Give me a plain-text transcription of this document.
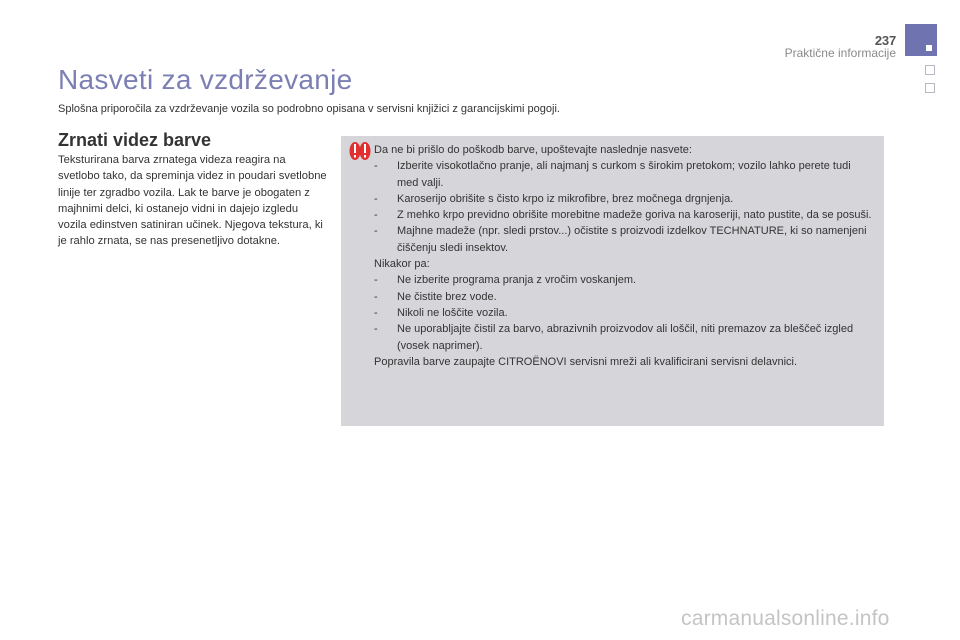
237
Praktične informacije
Nasveti za vzdrževanje
Splošna priporočila za vzdrževanje vozila so podrobno opisana v servisni knjižici z garancijskimi pogoji.
Zrnati videz barve
Teksturirana barva zrnatega videza reagira na svetlobo tako, da spreminja videz in poudari svetlobne linije ter zgradbo vozila. Lak te barve je obogaten z majhnimi delci, ki ostanejo vidni in dajejo izgledu vozila edinstven satiniran učinek. Njegova tekstura, ki je rahlo zrnata, se nas presenetljivo dotakne.

Da ne bi prišlo do poškodb barve, upoštevajte naslednje nasvete:

- Izberite visokotlačno pranje, ali najmanj s curkom s širokim pretokom; vozilo lahko perete tudi med valji.
- Karoserijo obrišite s čisto krpo iz mikrofibre, brez močnega drgnjenja.
- Z mehko krpo previdno obrišite morebitne madeže goriva na karoseriji, nato pustite, da se posuši.
- Majhne madeže (npr. sledi prstov...) očistite s proizvodi izdelkov TECHNATURE, ki so namenjeni čiščenju sledi insektov.

Nikakor pa:

- Ne izberite programa pranja z vročim voskanjem.
- Ne čistite brez vode.
- Nikoli ne loščite vozila.
- Ne uporabljajte čistil za barvo, abrazivnih proizvodov ali loščil, niti premazov za bleščeč izgled (vosek naprimer).

Popravila barve zaupajte CITROËNOVI servisni mreži ali kvalificirani servisni delavnici.

carmanualsonline.info
